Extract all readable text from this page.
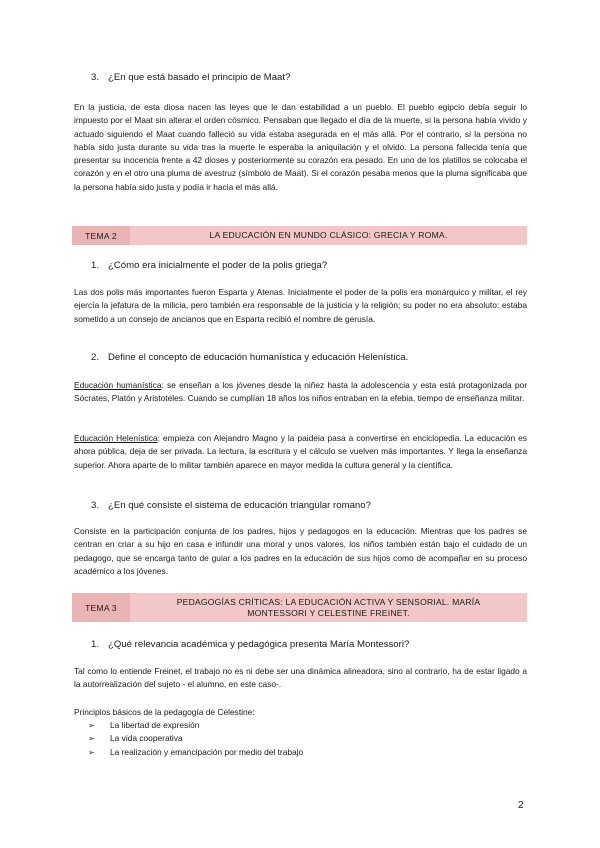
3. ¿En que está basado el principio de Maat?
En la justicia, de esta diosa nacen las leyes que le dan estabilidad a un pueblo. El pueblo egipcio debía seguir lo impuesto por el Maat sin alterar el orden cósmico. Pensaban que llegado el día de la muerte, si la persona había vivido y actuado siguiendo el Maat cuando falleció su vida estaba asegurada en el más allá. Por el contrario, si la persona no había sido justa durante su vida tras la muerte le esperaba la aniquilación y el olvido. La persona fallecida tenía que presentar su inocencia frente a 42 dioses y posteriormente su corazón era pesado. En uno de los platillos se colocaba el corazón y en el otro una pluma de avestruz (símbolo de Maat). Si el corazón pesaba menos que la pluma significaba que la persona había sido justa y podía ir hacia el más allá.
TEMA 2	LA EDUCACIÓN EN MUNDO CLÁSICO: GRECIA Y ROMA.
1. ¿Cómo era inicialmente el poder de la polis griega?
Las dos polis más importantes fueron Esparta y Atenas. Inicialmente el poder de la polis era monárquico y militar, el rey ejercía la jefatura de la milicia, pero también era responsable de la justicia y la religión; su poder no era absoluto: estaba sometido a un consejo de ancianos que en Esparta recibió el nombre de gerusía.
2. Define el concepto de educación humanística y educación Helenística.
Educación humanística: se enseñan a los jóvenes desde la niñez hasta la adolescencia y esta está protagonizada por Sócrates, Platón y Aristoteles. Cuando se cumplían 18 años los niños entraban en la efebia, tiempo de enseñanza militar.
Educación Helenística: empieza con Alejandro Magno y la paideia pasa a convertirse en enciclopedia. La educación es ahora pública, deja de ser privada. La lectura, la escritura y el cálculo se vuelven más importantes. Y llega la enseñanza superior. Ahora aparte de lo militar también aparece en mayor medida la cultura general y la científica.
3. ¿En qué consiste el sistema de educación triangular romano?
Consiste en la participación conjunta de los padres, hijos y pedagogos en la educación. Mientras que los padres se centran en criar a su hijo en casa e infundir una moral y unos valores, los niños también están bajo el cuidado de un pedagogo, que se encarga tanto de guiar a los padres en la educación de sus hijos como de acompañar en su proceso académico a los jóvenes.
TEMA 3
PEDAGOGÍAS CRÍTICAS: LA EDUCACIÓN ACTIVA Y SENSORIAL. MARÍA MONTESSORI Y CELESTINE FREINET.
1. ¿Qué relevancia académica y pedagógica presenta María Montessori?
Tal como lo entiende Freinet, el trabajo no es ni debe ser una dinámica alineadora, sino al contrario, ha de estar ligado a la autorrealización del sujeto - el alumno, en este caso-.
Principios básicos de la pedagogía de Celestine:
➢ La libertad de expresión
➢ La vida cooperativa
➢ La realización y emancipación por medio del trabajo
2
